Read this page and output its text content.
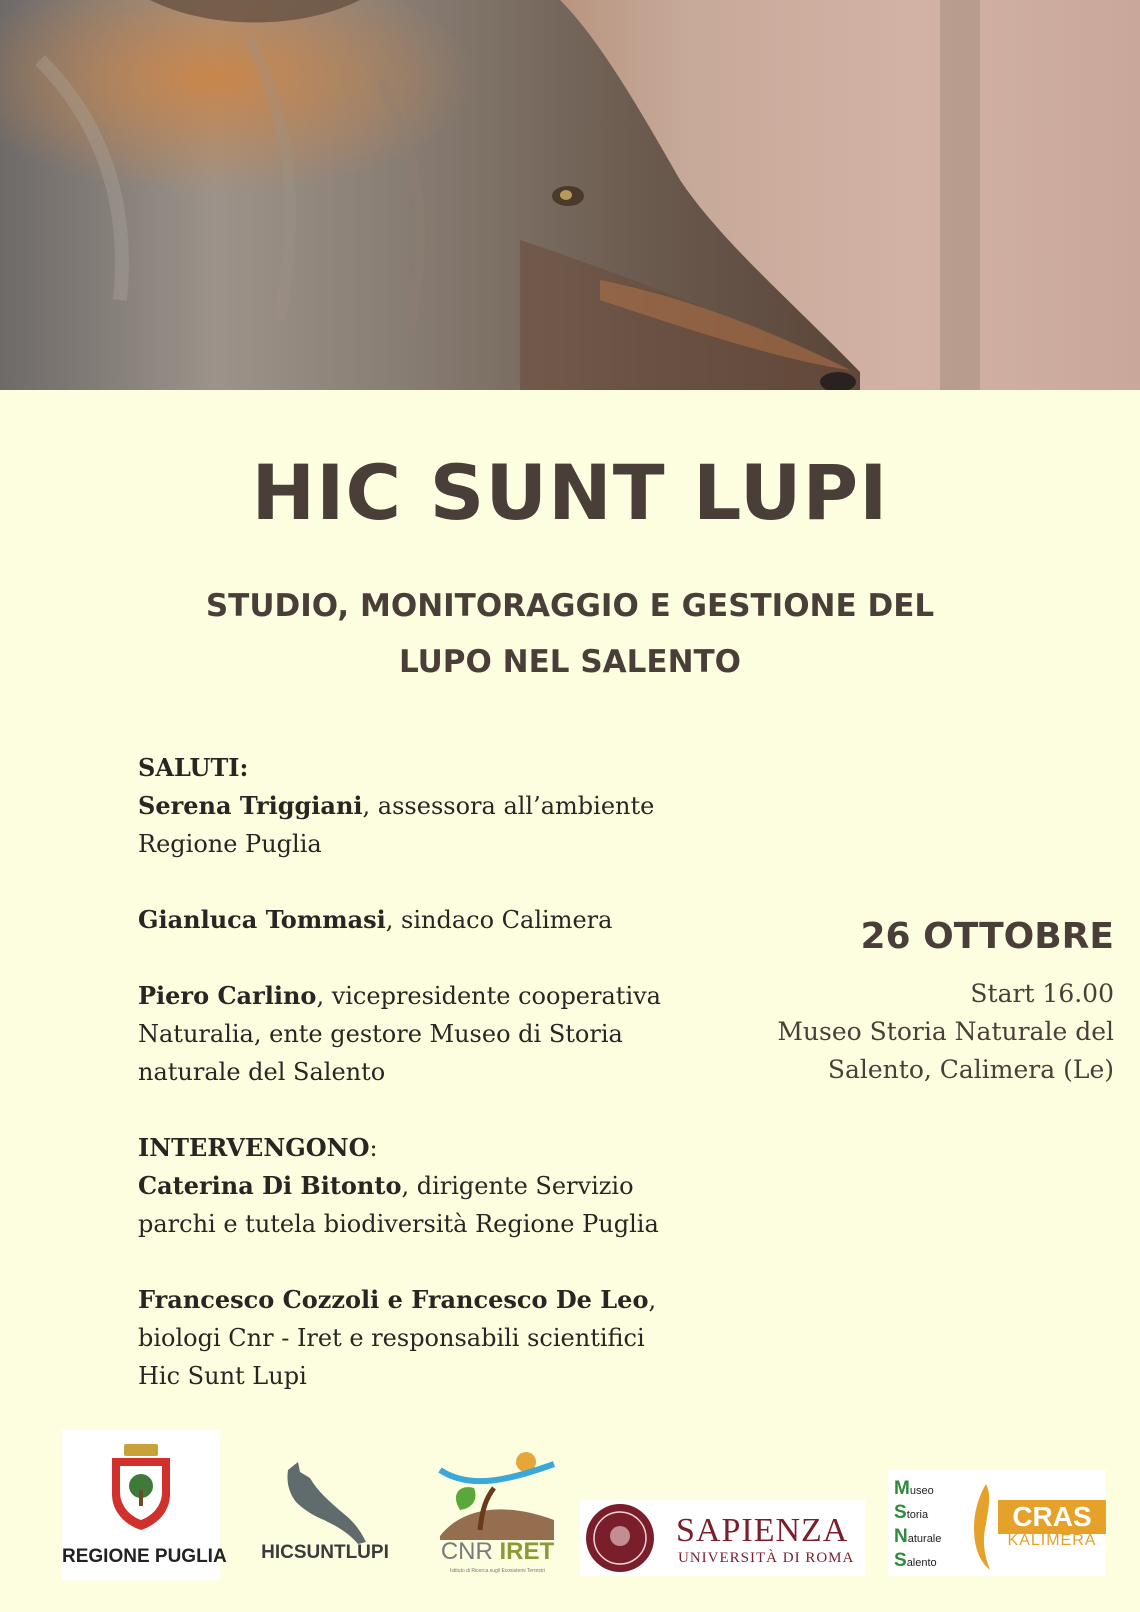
HIC SUNT LUPI
STUDIO, MONITORAGGIO E GESTIONE DEL
LUPO NEL SALENTO
SALUTI:
Serena Triggiani, assessora all’ambiente
Regione Puglia
Gianluca Tommasi, sindaco Calimera
Piero Carlino, vicepresidente cooperativa
Naturalia, ente gestore Museo di Storia
naturale del Salento
INTERVENGONO:
Caterina Di Bitonto, dirigente Servizio
parchi e tutela biodiversità Regione Puglia
Francesco Cozzoli e Francesco De Leo,
biologi Cnr - Iret e responsabili scientifici
Hic Sunt Lupi
26 OTTOBRE
Start 16.00
Museo Storia Naturale del
Salento, Calimera (Le)
REGIONE PUGLIA	HICSUNTLUPI	CNR IRET
Istituto di Ricerca sugli Ecosistemi Terrestri
SAPIENZA
UNIVERSITÀ DI ROMA
Museo
Storia
Naturale
Salento
CRAS
KALIMERA
